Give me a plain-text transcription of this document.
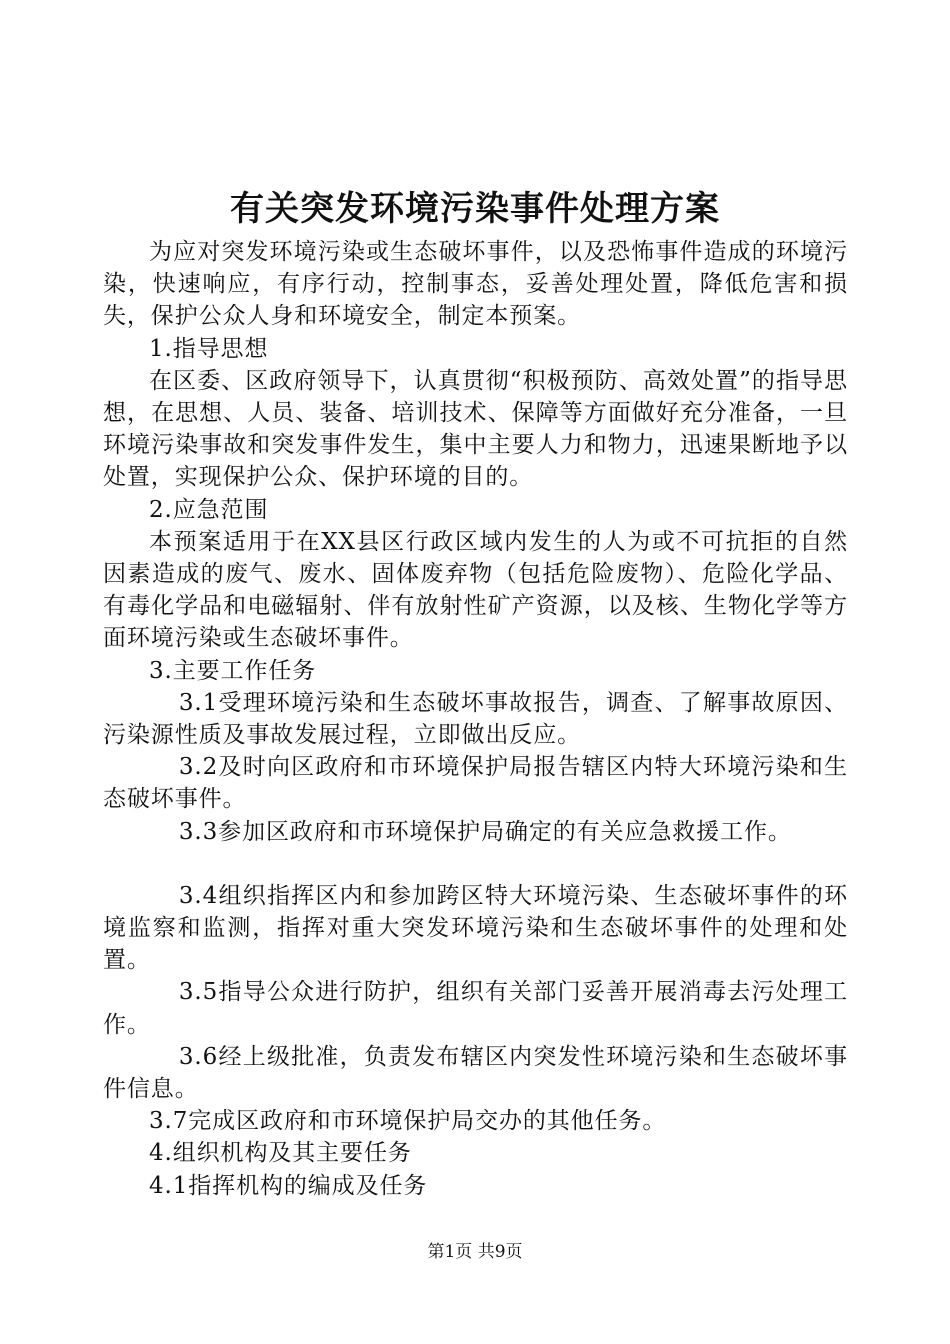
有关突发环境污染事件处理方案

为应对突发环境污染或生态破坏事件，以及恐怖事件造成的环境污染，快速响应，有序行动，控制事态，妥善处理处置，降低危害和损失，保护公众人身和环境安全，制定本预案。

1.指导思想

在区委、区政府领导下，认真贯彻“积极预防、高效处置”的指导思想，在思想、人员、装备、培训技术、保障等方面做好充分准备，一旦环境污染事故和突发事件发生，集中主要人力和物力，迅速果断地予以处置，实现保护公众、保护环境的目的。

2.应急范围

本预案适用于在XX县区行政区域内发生的人为或不可抗拒的自然因素造成的废气、废水、固体废弃物（包括危险废物）、危险化学品、有毒化学品和电磁辐射、伴有放射性矿产资源，以及核、生物化学等方面环境污染或生态破坏事件。

3.主要工作任务

3.1受理环境污染和生态破坏事故报告，调查、了解事故原因、污染源性质及事故发展过程，立即做出反应。

3.2及时向区政府和市环境保护局报告辖区内特大环境污染和生态破坏事件。

3.3参加区政府和市环境保护局确定的有关应急救援工作。

3.4组织指挥区内和参加跨区特大环境污染、生态破坏事件的环境监察和监测，指挥对重大突发环境污染和生态破坏事件的处理和处置。

3.5指导公众进行防护，组织有关部门妥善开展消毒去污处理工作。

3.6经上级批准，负责发布辖区内突发性环境污染和生态破坏事件信息。

3.7完成区政府和市环境保护局交办的其他任务。

4.组织机构及其主要任务

4.1指挥机构的编成及任务

第1页 共9页
